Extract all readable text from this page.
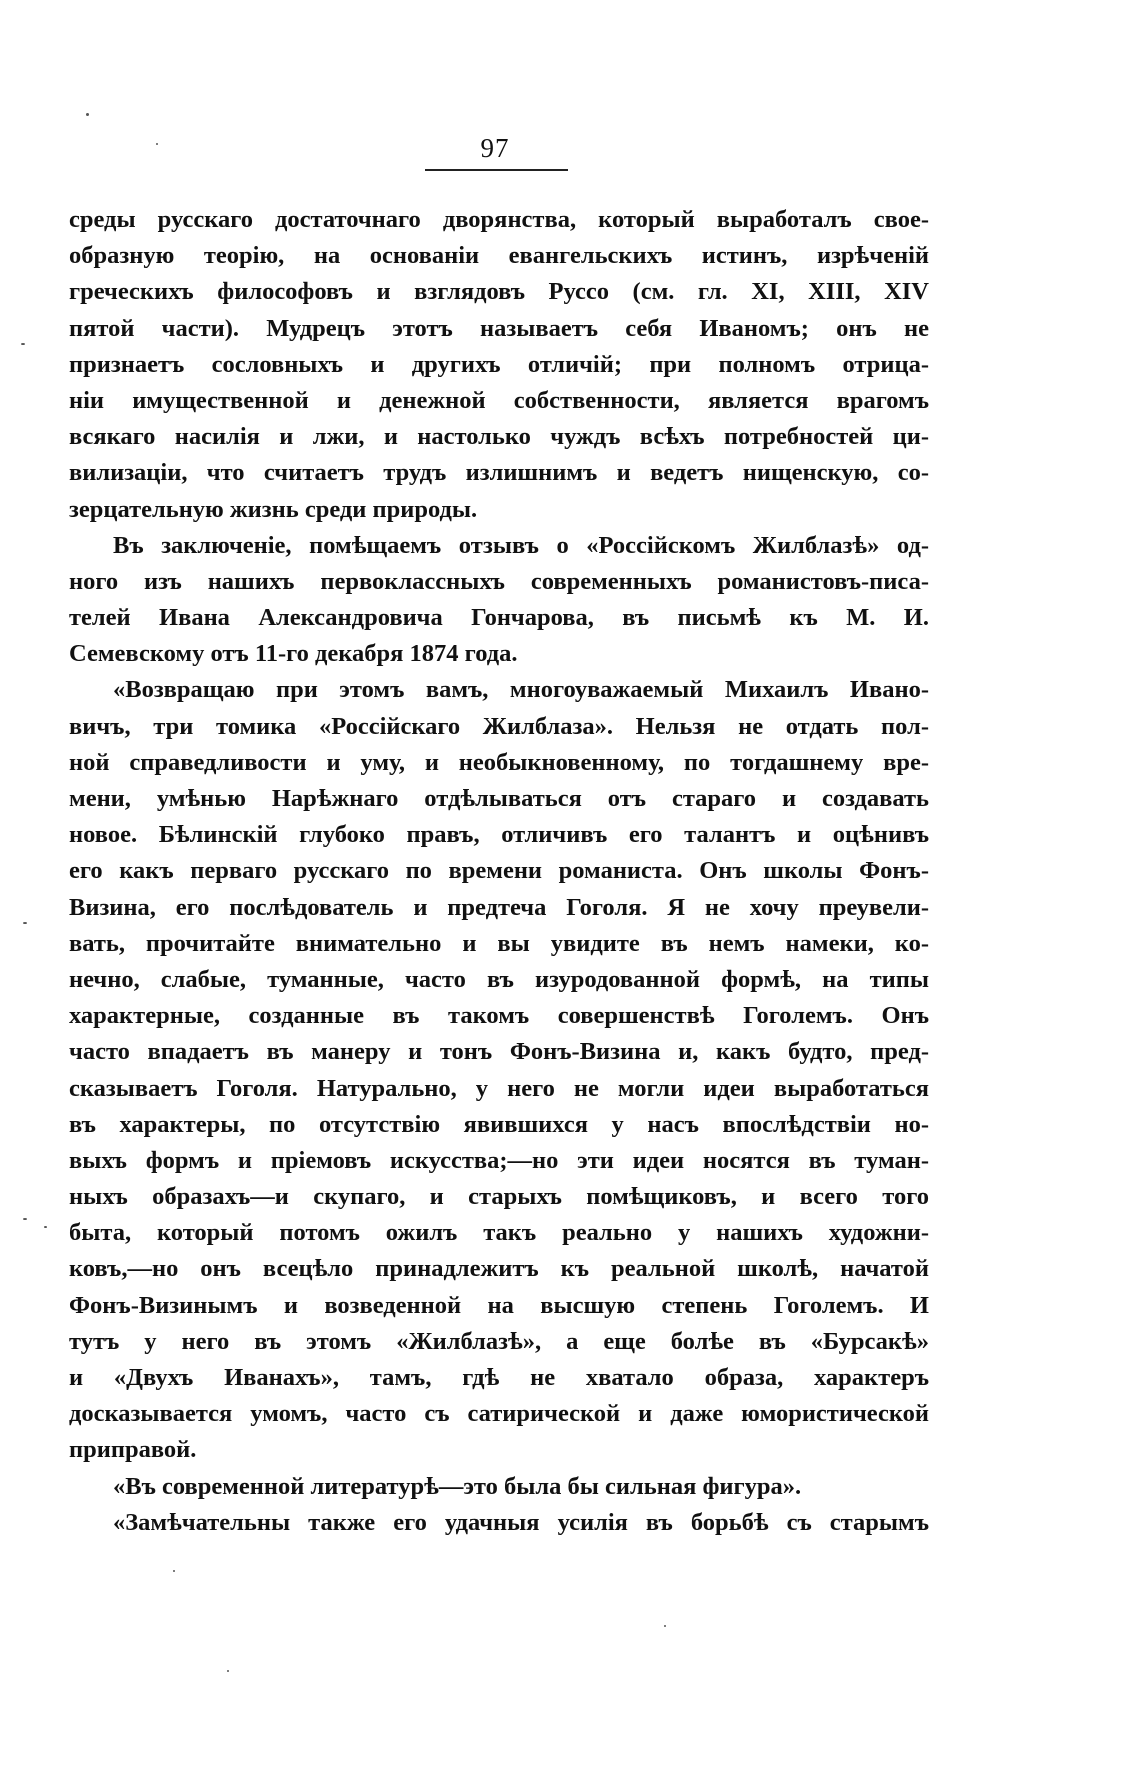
97
среды русскаго достаточнаго дворянства, который выработалъ свое-
образную теорію, на основаніи евангельскихъ истинъ, изрѣченій
греческихъ философовъ и взглядовъ Руссо (см. гл. XI, XIII, XIV
пятой части). Мудрецъ этотъ называетъ себя Иваномъ; онъ не
признаетъ сословныхъ и другихъ отличій; при полномъ отрица-
ніи имущественной и денежной собственности, является врагомъ
всякаго насилія и лжи, и настолько чуждъ всѣхъ потребностей ци-
вилизаціи, что считаетъ трудъ излишнимъ и ведетъ нищенскую, со-
зерцательную жизнь среди природы.
Въ заключеніе, помѣщаемъ отзывъ о «Россійскомъ Жилблазѣ» од-
ного изъ нашихъ первоклассныхъ современныхъ романистовъ-писа-
телей Ивана Александровича Гончарова, въ письмѣ къ М. И.
Семевскому отъ 11-го декабря 1874 года.
«Возвращаю при этомъ вамъ, многоуважаемый Михаилъ Ивано-
вичъ, три томика «Россійскаго Жилблаза». Нельзя не отдать пол-
ной справедливости и уму, и необыкновенному, по тогдашнему вре-
мени, умѣнью Нарѣжнаго отдѣлываться отъ стараго и создавать
новое. Бѣлинскій глубоко правъ, отличивъ его талантъ и оцѣнивъ
его какъ перваго русскаго по времени романиста. Онъ школы Фонъ-
Визина, его послѣдователь и предтеча Гоголя. Я не хочу преувели-
вать, прочитайте внимательно и вы увидите въ немъ намеки, ко-
нечно, слабые, туманные, часто въ изуродованной формѣ, на типы
характерные, созданные въ такомъ совершенствѣ Гоголемъ. Онъ
часто впадаетъ въ манеру и тонъ Фонъ-Визина и, какъ будто, пред-
сказываетъ Гоголя. Натурально, у него не могли идеи выработаться
въ характеры, по отсутствію явившихся у насъ впослѣдствіи но-
выхъ формъ и пріемовъ искусства;—но эти идеи носятся въ туман-
ныхъ образахъ—и скупаго, и старыхъ помѣщиковъ, и всего того
быта, который потомъ ожилъ такъ реально у нашихъ художни-
ковъ,—но онъ всецѣло принадлежитъ къ реальной школѣ, начатой
Фонъ-Визинымъ и возведенной на высшую степень Гоголемъ. И
тутъ у него въ этомъ «Жилблазѣ», а еще болѣе въ «Бурсакѣ»
и «Двухъ Иванахъ», тамъ, гдѣ не хватало образа, характеръ
досказывается умомъ, часто съ сатирической и даже юмористической
приправой.
«Въ современной литературѣ—это была бы сильная фигура».
«Замѣчательны также его удачныя усилія въ борьбѣ съ старымъ
